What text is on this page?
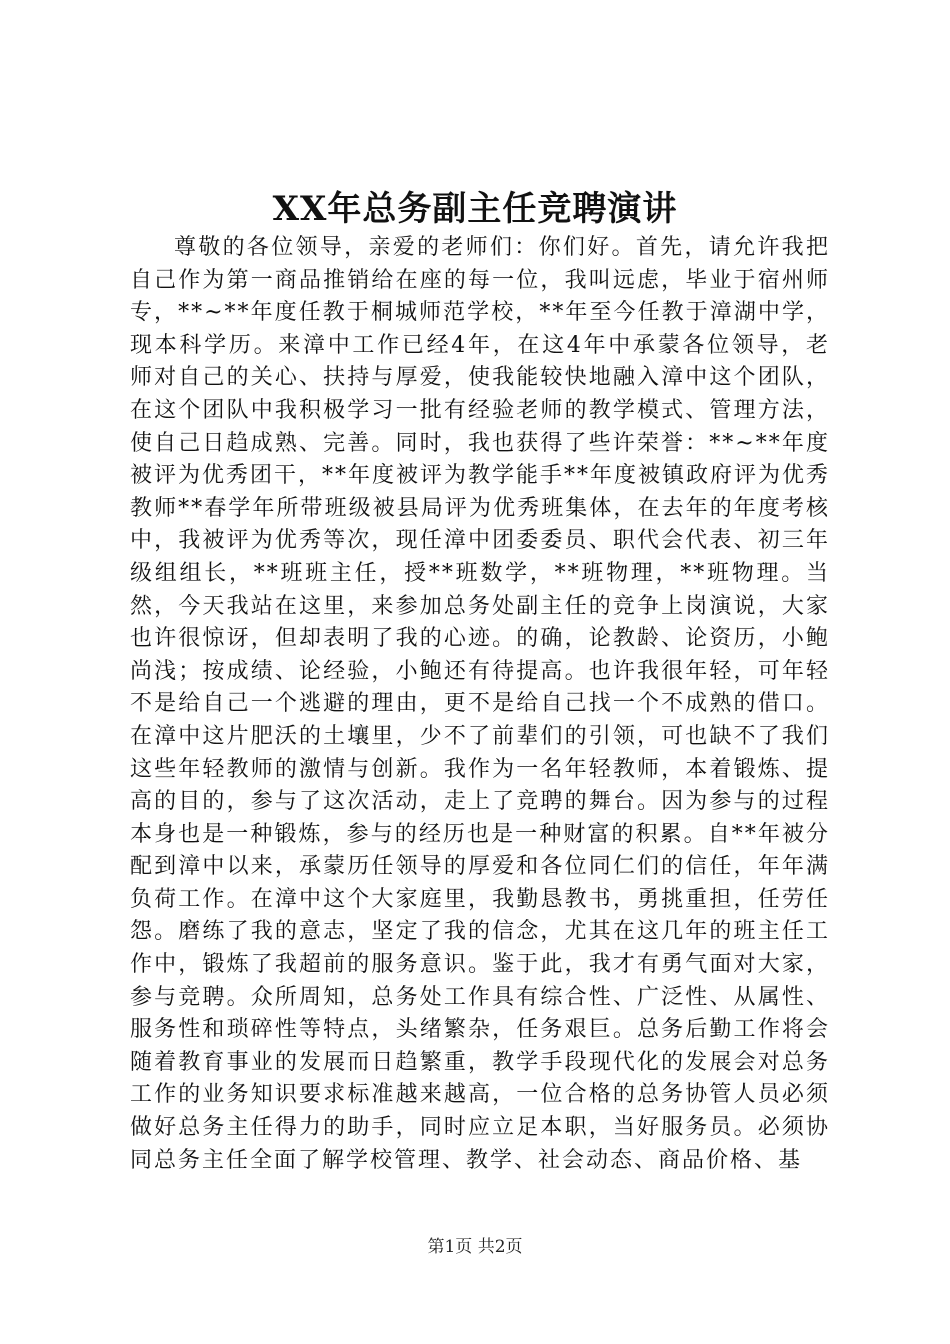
XX年总务副主任竞聘演讲

尊敬的各位领导，亲爱的老师们：你们好。首先，请允许我把自己作为第一商品推销给在座的每一位，我叫远虑，毕业于宿州师专，**~**年度任教于桐城师范学校，**年至今任教于漳湖中学，现本科学历。来漳中工作已经4年，在这4年中承蒙各位领导，老师对自己的关心、扶持与厚爱，使我能较快地融入漳中这个团队，在这个团队中我积极学习一批有经验老师的教学模式、管理方法，使自己日趋成熟、完善。同时，我也获得了些许荣誉：**~**年度被评为优秀团干，**年度被评为教学能手**年度被镇政府评为优秀教师**春学年所带班级被县局评为优秀班集体，在去年的年度考核中，我被评为优秀等次，现任漳中团委委员、职代会代表、初三年级组组长，**班班主任，授**班数学，**班物理，**班物理。当然，今天我站在这里，来参加总务处副主任的竞争上岗演说，大家也许很惊讶，但却表明了我的心迹。的确，论教龄、论资历，小鲍尚浅；按成绩、论经验，小鲍还有待提高。也许我很年轻，可年轻不是给自己一个逃避的理由，更不是给自己找一个不成熟的借口。在漳中这片肥沃的土壤里，少不了前辈们的引领，可也缺不了我们这些年轻教师的激情与创新。我作为一名年轻教师，本着锻炼、提高的目的，参与了这次活动，走上了竞聘的舞台。因为参与的过程本身也是一种锻炼，参与的经历也是一种财富的积累。自**年被分配到漳中以来，承蒙历任领导的厚爱和各位同仁们的信任，年年满负荷工作。在漳中这个大家庭里，我勤恳教书，勇挑重担，任劳任怨。磨练了我的意志，坚定了我的信念，尤其在这几年的班主任工作中，锻炼了我超前的服务意识。鉴于此，我才有勇气面对大家，参与竞聘。众所周知，总务处工作具有综合性、广泛性、从属性、服务性和琐碎性等特点，头绪繁杂，任务艰巨。总务后勤工作将会随着教育事业的发展而日趋繁重，教学手段现代化的发展会对总务工作的业务知识要求标准越来越高，一位合格的总务协管人员必须做好总务主任得力的助手，同时应立足本职，当好服务员。必须协同总务主任全面了解学校管理、教学、社会动态、商品价格、基

第1页 共2页
